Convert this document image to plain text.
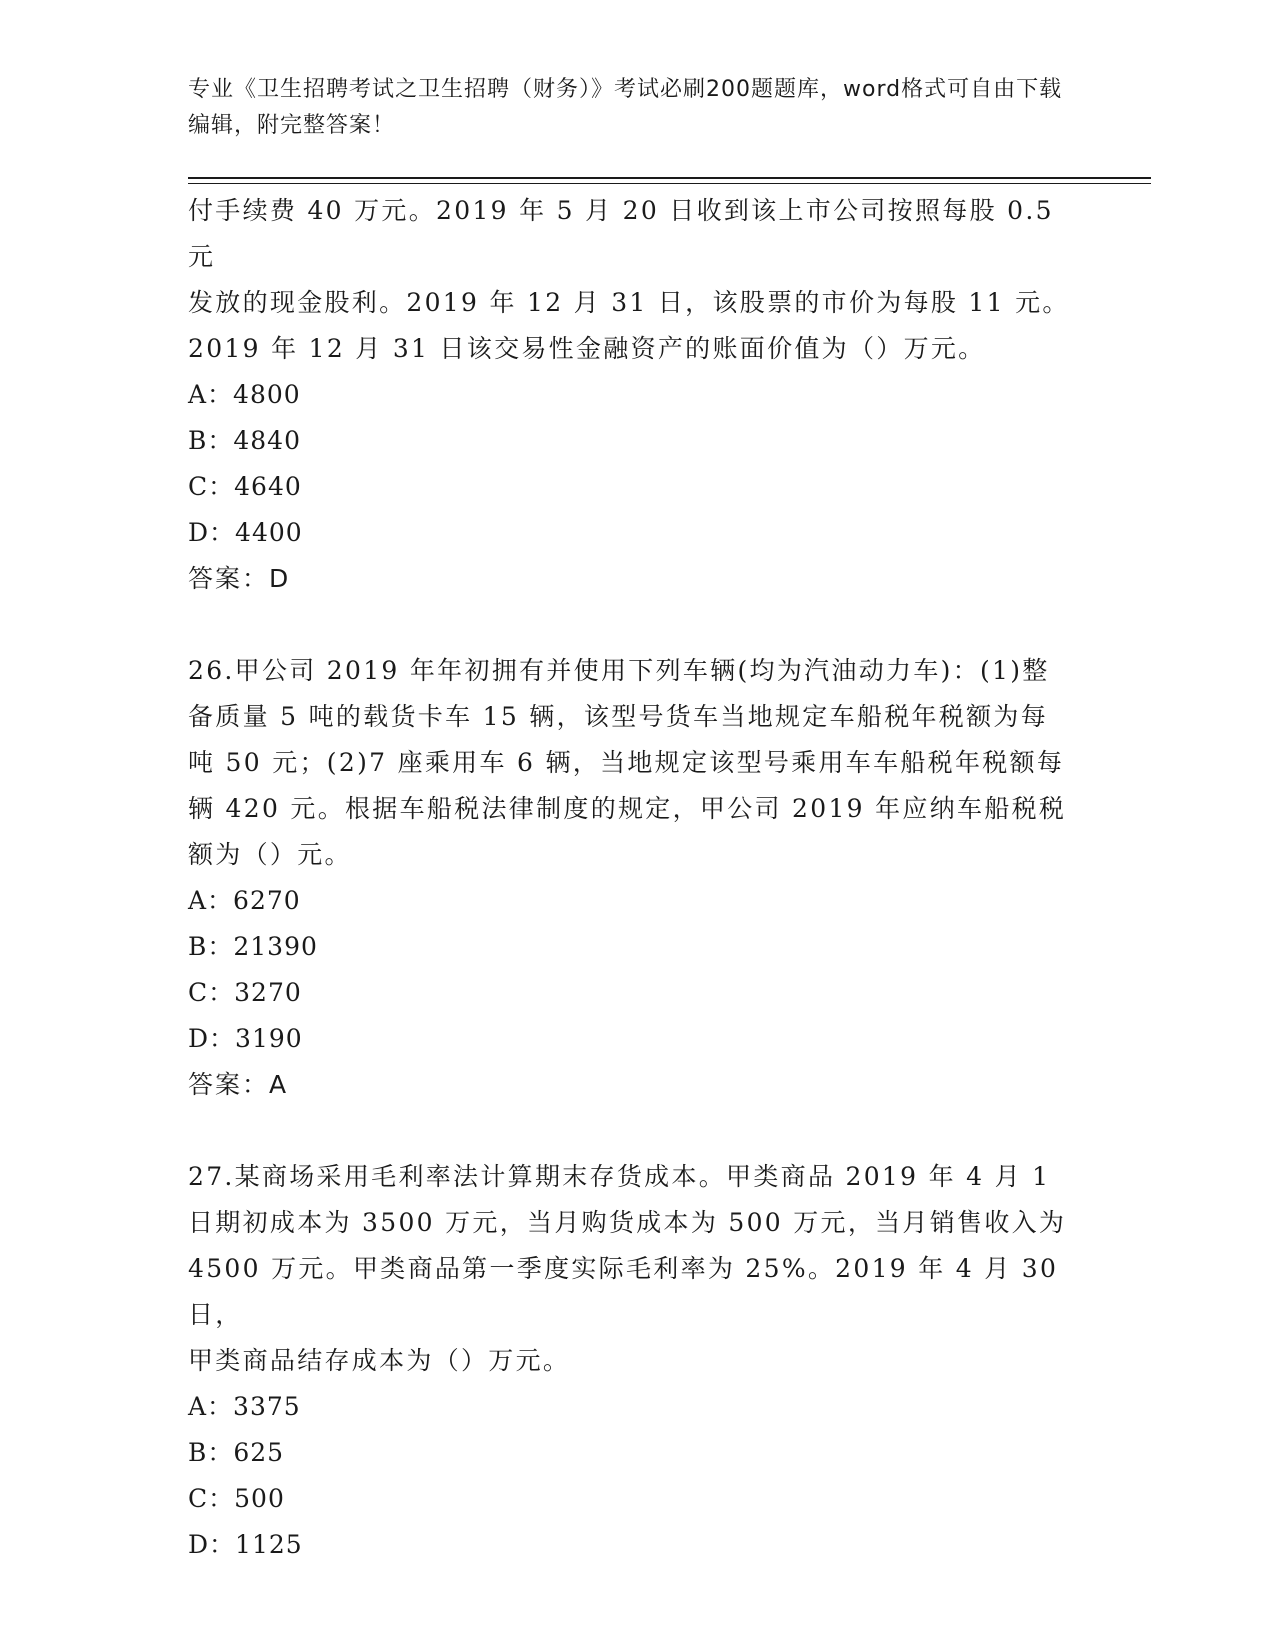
专业《卫生招聘考试之卫生招聘（财务）》考试必刷200题题库，word格式可自由下载编辑，附完整答案！

付手续费 40 万元。2019 年 5 月 20 日收到该上市公司按照每股 0.5 元

发放的现金股利。2019 年 12 月 31 日，该股票的市价为每股 11 元。

2019 年 12 月 31 日该交易性金融资产的账面价值为（）万元。

A：4800

B：4840

C：4640

D：4400

答案：D

26.甲公司 2019 年年初拥有并使用下列车辆(均为汽油动力车)：(1)整

备质量 5 吨的载货卡车 15 辆，该型号货车当地规定车船税年税额为每

吨 50 元；(2)7 座乘用车 6 辆，当地规定该型号乘用车车船税年税额每

辆 420 元。根据车船税法律制度的规定，甲公司 2019 年应纳车船税税

额为（）元。

A：6270

B：21390

C：3270

D：3190

答案：A

27.某商场采用毛利率法计算期末存货成本。甲类商品 2019 年 4 月 1

日期初成本为 3500 万元，当月购货成本为 500 万元，当月销售收入为

4500 万元。甲类商品第一季度实际毛利率为 25%。2019 年 4 月 30 日，

甲类商品结存成本为（）万元。

A：3375

B：625

C：500

D：1125
